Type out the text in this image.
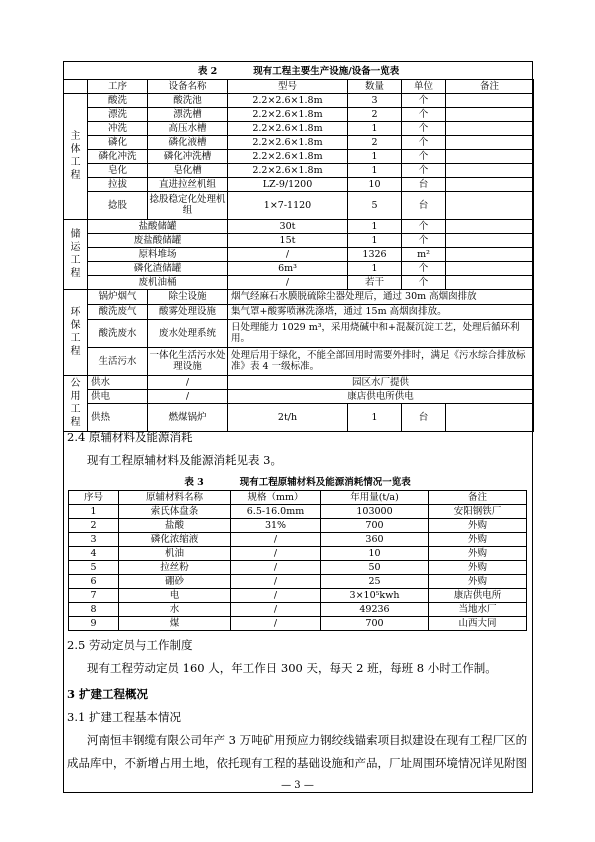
表 2 现有工程主要生产设施/设备一览表						
	工序	设备名称	型号	数量	单位	备注

主
体
工
程	酸洗	酸洗池	2.2×2.6×1.8m	3	个	
	漂洗	漂洗槽	2.2×2.6×1.8m	2	个	
	冲洗	高压水槽	2.2×2.6×1.8m	1	个	
	磷化	磷化液槽	2.2×2.6×1.8m	2	个	
	磷化冲洗	磷化冲洗槽	2.2×2.6×1.8m	1	个	
	皂化	皂化槽	2.2×2.6×1.8m	1	个	
	拉拔	直进拉丝机组	LZ-9/1200	10	台	
	捻股	捻股稳定化处理机组	1×7-1120	5	台	

储
运
工
程	盐酸储罐		30t	1	个	
	废盐酸储罐		15t	1	个	
	原料堆场		/	1326	m²	
	磷化渣储罐		6m³	1	个	
	废机油桶		/	若干	个	

环
保
工
程	锅炉烟气	除尘设施	烟气经麻石水膜脱硫除尘器处理后，通过 30m 高烟囱排放			
	酸洗废气	酸雾处理设施	集气罩+酸雾喷淋洗涤塔，通过 15m 高烟囱排放。			
	酸洗废水	废水处理系统	日处理能力 1029 m³，采用烧碱中和+混凝沉淀工艺，处理后循环利用。			
	生活污水	一体化生活污水处理设施	处理后用于绿化，不能全部回用时需要外排时，满足《污水综合排放标准》表 4 一级标准。			

公
用
工
程	供水	/	园区水厂提供			
	供电	/	康店供电所供电			
	供热	燃煤锅炉	2t/h	1	台	
2.4 原辅材料及能源消耗
现有工程原辅材料及能源消耗见表 3。
表 3 现有工程原辅材料及能源消耗情况一览表				
序号	原辅材料名称	规格（mm）	年用量(t/a)	备注
1	索氏体盘条	6.5-16.0mm	103000	安阳钢铁厂
2	盐酸	31%	700	外购
3	磷化浓缩液	/	360	外购
4	机油	/	10	外购
5	拉丝粉	/	50	外购
6	硼砂	/	25	外购
7	电	/	3×10⁵kwh	康店供电所
8	水	/	49236	当地水厂
9	煤	/	700	山西大同
2.5 劳动定员与工作制度
现有工程劳动定员 160 人，年工作日 300 天，每天 2 班，每班 8 小时工作制。
3 扩建工程概况
3.1 扩建工程基本情况
河南恒丰钢缆有限公司年产 3 万吨矿用预应力钢绞线锚索项目拟建设在现有工程厂区的
成品库中，不新增占用土地，依托现有工程的基础设施和产品，厂址周围环境情况详见附图
— 3 —
